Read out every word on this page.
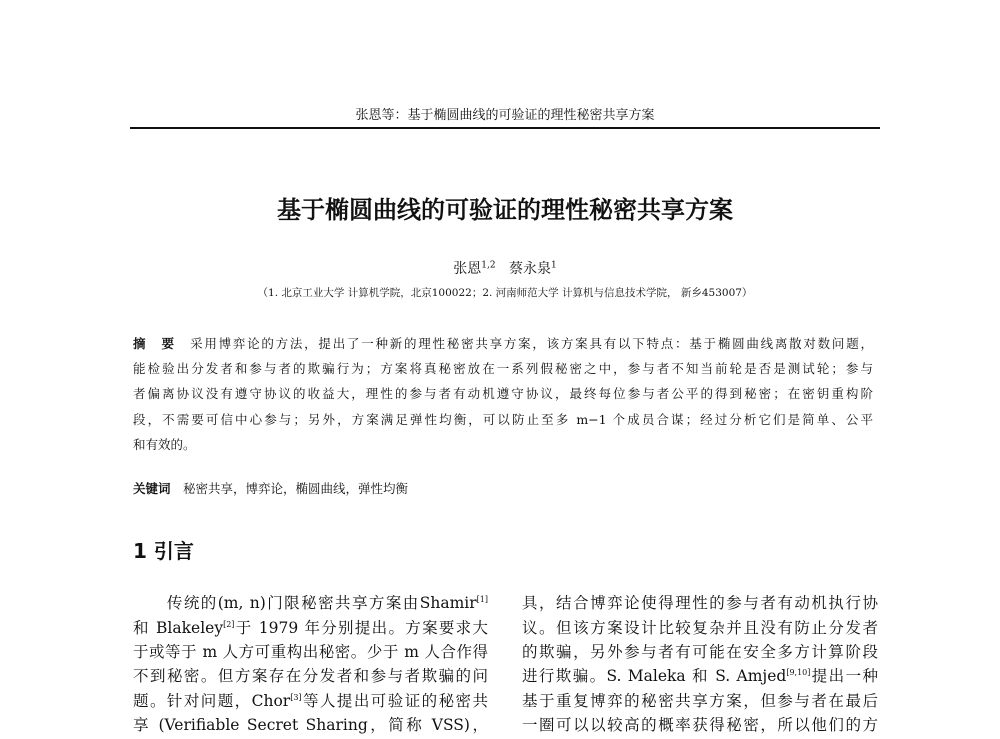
张恩等：基于椭圆曲线的可验证的理性秘密共享方案
基于椭圆曲线的可验证的理性秘密共享方案
张恩$^{1,2}$ 蔡永泉$^1$
（1. 北京工业大学 计算机学院，北京100022；2. 河南师范大学 计算机与信息技术学院， 新乡453007）
摘　要　 采用博弈论的方法，提出了一种新的理性秘密共享方案，该方案具有以下特点：基于椭圆曲线离散对数问题，
能检验出分发者和参与者的欺骗行为；方案将真秘密放在一系列假秘密之中，参与者不知当前轮是否是测试轮；参与
者偏离协议没有遵守协议的收益大，理性的参与者有动机遵守协议，最终每位参与者公平的得到秘密；在密钥重构阶
段，不需要可信中心参与；另外，方案满足弹性均衡，可以防止至多 m−1 个成员合谋；经过分析它们是简单、公平
和有效的。
关键词　 秘密共享，博弈论，椭圆曲线，弹性均衡
1 引言
　　传统的(m, n)门限秘密共享方案由Shamir[1]
和 Blakeley[2]于 1979 年分别提出。方案要求大
于或等于 m 人方可重构出秘密。少于 m 人合作得
不到秘密。但方案存在分发者和参与者欺骗的问
题。针对问题，Chor[3]等人提出可验证的秘密共
享 (Verifiable Secret Sharing，简称 VSS)，
具，结合博弈论使得理性的参与者有动机执行协
议。但该方案设计比较复杂并且没有防止分发者
的欺骗，另外参与者有可能在安全多方计算阶段
进行欺骗。S. Maleka 和 S. Amjed[9,10]提出一种
基于重复博弈的秘密共享方案，但参与者在最后
一圈可以以较高的概率获得秘密，所以他们的方
